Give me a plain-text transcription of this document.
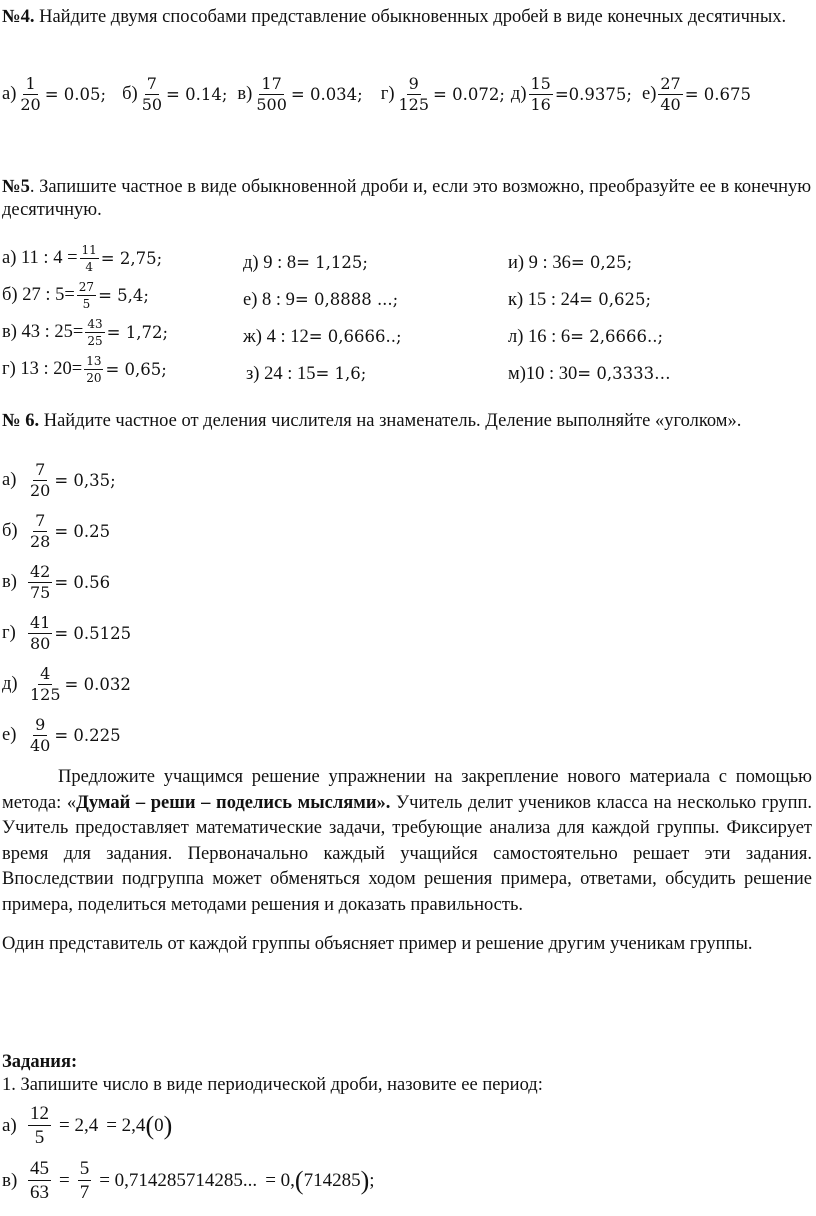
№4. Найдите двумя способами представление обыкновенных дробей в виде конечных десятичных.
$а) \frac{1}{20} = 0.05$; $б) \frac{7}{50} = 0.14$; $в) \frac{17}{500} = 0.034$; $г) \frac{9}{125} = 0.072$; $д) \frac{15}{16} =0.9375$; $е) \frac{27}{40} = 0.675$
№5. Запишите частное в виде обыкновенной дроби и, если это возможно, преобразуйте ее в конечную десятичную.
а) 11 : $4 = \frac{11}{4} = 2,75$;
б) 27 : $5= \frac{27}{5} = 5,4$;
в) 43 : $25= \frac{43}{25} = 1,72$;
г) 13 : $20= \frac{13}{20} = 0,65$;
д) 9 : 8= 1,125;
е) 8 : 9= 0,8888 ...;
ж) 4 : 12= 0,6666..;
з) 24 : 15= 1,6;
и) 9 : 36= 0,25;
к) 15 : 24= 0,625;
л) 16 : 6= 2,6666..;
м)10 : 30= 0,3333…
№ 6. Найдите частное от деления числителя на знаменатель. Деление выполняйте «уголком».
$а) \frac{7}{20} = 0,35$;
$б) \frac{7}{28} = 0.25$
$в) \frac{42}{75} = 0.56$
$г) \frac{41}{80} = 0.5125$
$д) \frac{4}{125} = 0.032$
$е) \frac{9}{40} = 0.225$
Предложите учащимся решение упражнении на закрепление нового материала с помощью метода: «Думай – реши – поделись мыслями». Учитель делит учеников класса на несколько групп. Учитель предоставляет математические задачи, требующие анализа для каждой группы. Фиксирует время для задания. Первоначально каждый учащийся самостоятельно решает эти задания. Впоследствии подгруппа может обменяться ходом решения примера, ответами, обсудить решение примера, поделиться методами решения и доказать правильность.
Один представитель от каждой группы объясняет пример и решение другим ученикам группы.
Задания:
1. Запишите число в виде периодической дроби, назовите ее период:
$а) \frac{12}{5} = 2,4 = 2,4$ ( 0 )
$в) \frac{45}{63} = \frac{5}{7} = 0,714285714285$... = 0, ( 714285 ) ;
